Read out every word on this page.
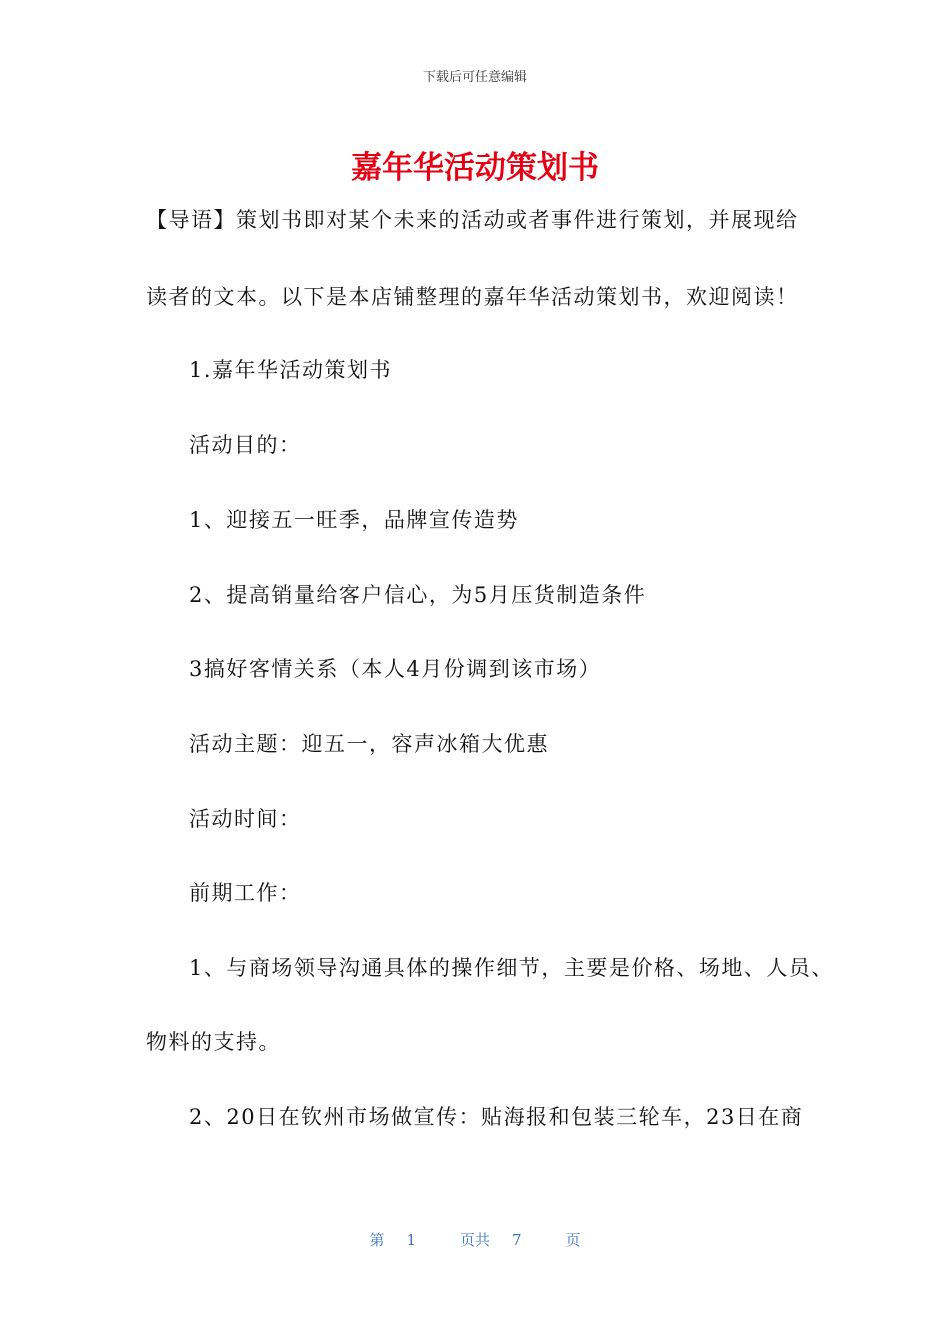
下载后可任意编辑
嘉年华活动策划书
【导语】策划书即对某个未来的活动或者事件进行策划，并展现给
读者的文本。以下是本店铺整理的嘉年华活动策划书，欢迎阅读！
1.嘉年华活动策划书
活动目的：
1、迎接五一旺季，品牌宣传造势
2、提高销量给客户信心，为5月压货制造条件
3搞好客情关系（本人4月份调到该市场）
活动主题：迎五一，容声冰箱大优惠
活动时间：
前期工作：
1、与商场领导沟通具体的操作细节，主要是价格、场地、人员、
物料的支持。
2、20日在钦州市场做宣传：贴海报和包装三轮车，23日在商
第 1	页共 7	页
